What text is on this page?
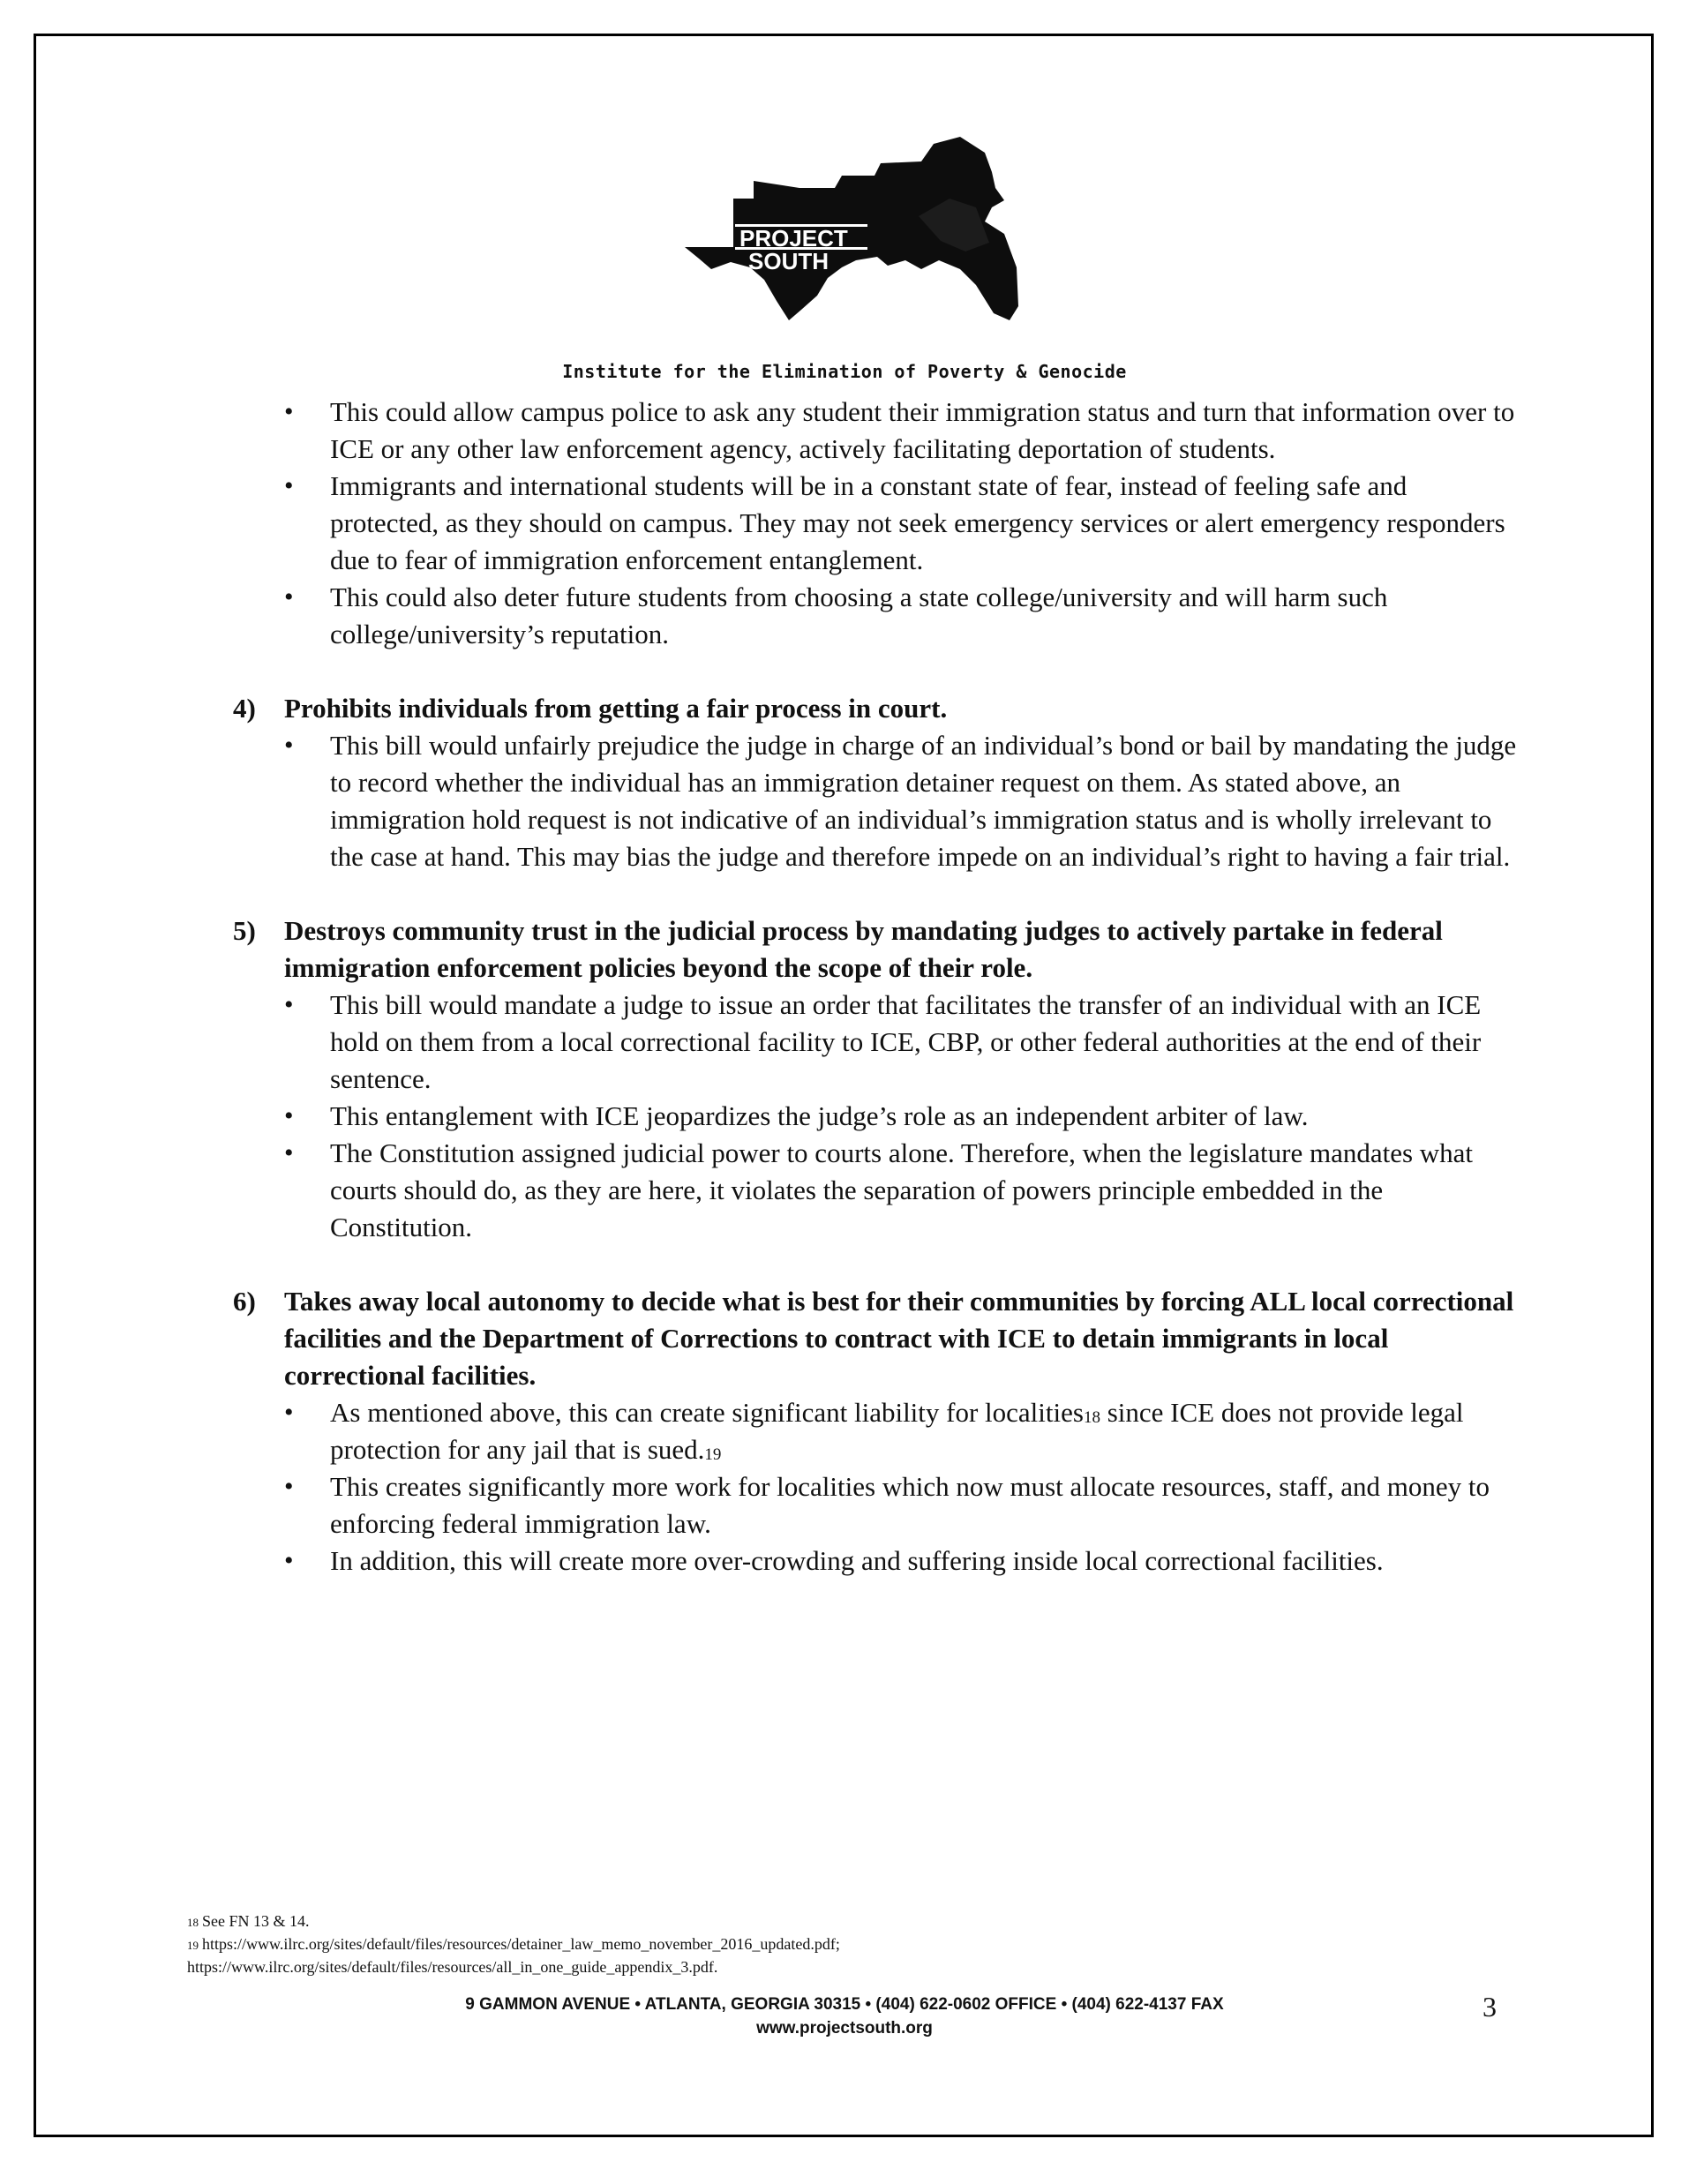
PROJECT
SOUTH
Institute for the Elimination of Poverty & Genocide
• This could allow campus police to ask any student their immigration status and turn that information over to ICE or any other law enforcement agency, actively facilitating deportation of students.
• Immigrants and international students will be in a constant state of fear, instead of feeling safe and protected, as they should on campus. They may not seek emergency services or alert emergency responders due to fear of immigration enforcement entanglement.
• This could also deter future students from choosing a state college/university and will harm such college/university’s reputation.
4) Prohibits individuals from getting a fair process in court.
• This bill would unfairly prejudice the judge in charge of an individual’s bond or bail by mandating the judge to record whether the individual has an immigration detainer request on them. As stated above, an immigration hold request is not indicative of an individual’s immigration status and is wholly irrelevant to the case at hand. This may bias the judge and therefore impede on an individual’s right to having a fair trial.
5) Destroys community trust in the judicial process by mandating judges to actively partake in federal immigration enforcement policies beyond the scope of their role.
• This bill would mandate a judge to issue an order that facilitates the transfer of an individual with an ICE hold on them from a local correctional facility to ICE, CBP, or other federal authorities at the end of their sentence.
• This entanglement with ICE jeopardizes the judge’s role as an independent arbiter of law.
• The Constitution assigned judicial power to courts alone. Therefore, when the legislature mandates what courts should do, as they are here, it violates the separation of powers principle embedded in the Constitution.
6) Takes away local autonomy to decide what is best for their communities by forcing ALL local correctional facilities and the Department of Corrections to contract with ICE to detain immigrants in local correctional facilities.
• As mentioned above, this can create significant liability for localities$^{18}$ since ICE does not provide legal protection for any jail that is sued.$^{19}$
• This creates significantly more work for localities which now must allocate resources, staff, and money to enforcing federal immigration law.
• In addition, this will create more over-crowding and suffering inside local correctional facilities.
18 See FN 13 & 14.
19 https://www.ilrc.org/sites/default/files/resources/detainer_law_memo_november_2016_updated.pdf;
https://www.ilrc.org/sites/default/files/resources/all_in_one_guide_appendix_3.pdf.
9 GAMMON AVENUE • ATLANTA, GEORGIA 30315 • (404) 622-0602 OFFICE • (404) 622-4137 FAX
www.projectsouth.org
3
